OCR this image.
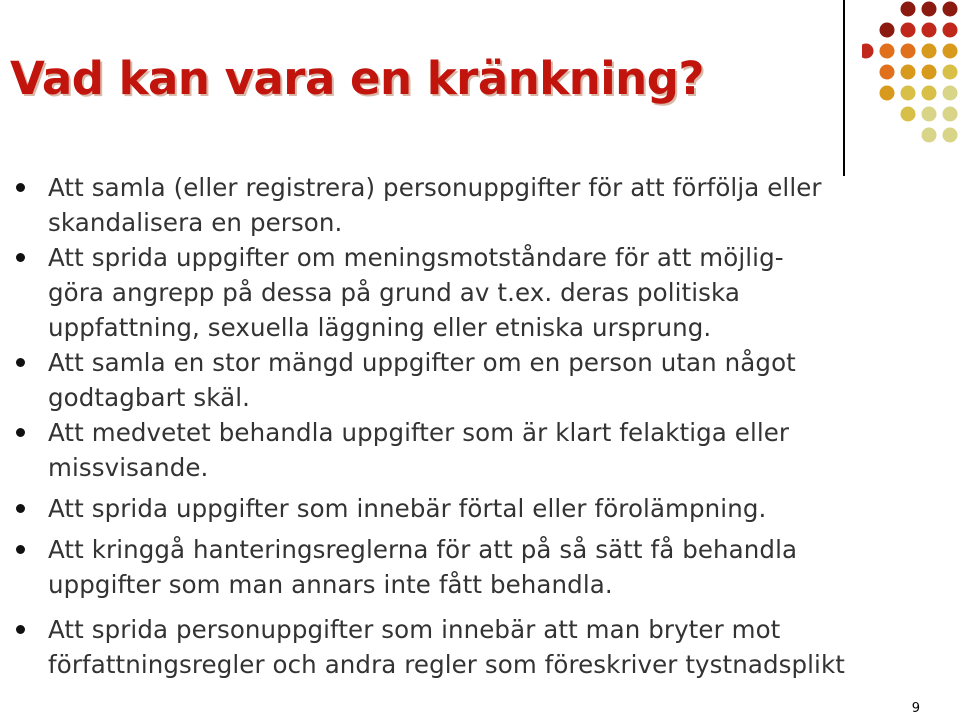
Vad kan vara en kränkning?
Att samla (eller registrera) personuppgifter för att förfölja eller
skandalisera en person.
Att sprida uppgifter om meningsmotståndare för att möjlig-
göra angrepp på dessa på grund av t.ex. deras politiska
uppfattning, sexuella läggning eller etniska ursprung.
Att samla en stor mängd uppgifter om en person utan något
godtagbart skäl.
Att medvetet behandla uppgifter som är klart felaktiga eller
missvisande.
Att sprida uppgifter som innebär förtal eller förolämpning.
Att kringgå hanteringsreglerna för att på så sätt få behandla
uppgifter som man annars inte fått behandla.
Att sprida personuppgifter som innebär att man bryter mot
författningsregler och andra regler som föreskriver tystnadsplikt
9
